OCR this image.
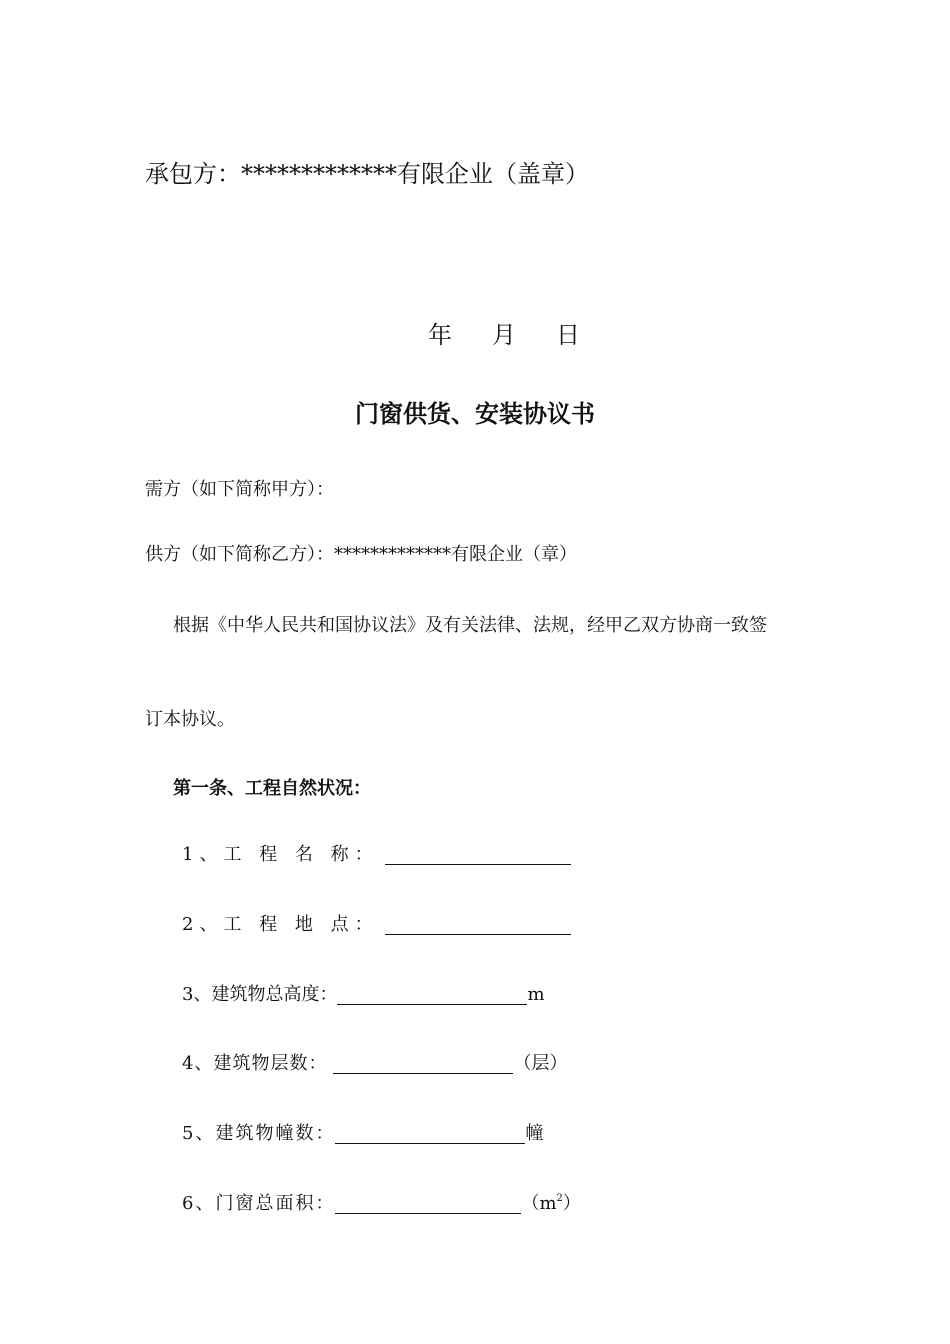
承包方：*************有限企业（盖章）
年 月 日
门窗供货、安装协议书
需方（如下简称甲方）：
供方（如下简称乙方）：*************有限企业（章）
根据《中华人民共和国协议法》及有关法律、法规，经甲乙双方协商一致签
订本协议。
第一条、工程自然状况：
1、工 程 名 称：
2、工 程 地 点：
3、建筑物总高度：	m
4、建筑物层数：	（层）
5、建筑物幢数：	幢
6、门窗总面积：	$(m^2)$
